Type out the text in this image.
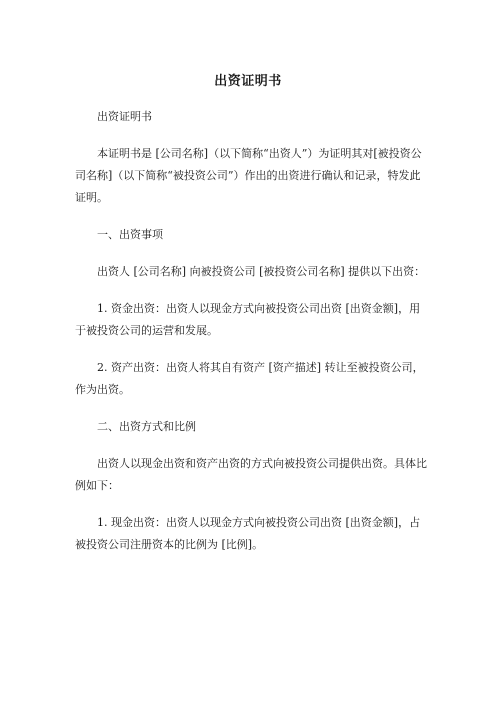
出资证明书

出资证明书

本证明书是 [公司名称]（以下简称“出资人”）为证明其对[被投资公司名称]（以下简称“被投资公司”）作出的出资进行确认和记录，特发此证明。

一、出资事项

出资人 [公司名称] 向被投资公司 [被投资公司名称] 提供以下出资：

1. 资金出资：出资人以现金方式向被投资公司出资 [出资金额]，用于被投资公司的运营和发展。

2. 资产出资：出资人将其自有资产 [资产描述] 转让至被投资公司，作为出资。

二、出资方式和比例

出资人以现金出资和资产出资的方式向被投资公司提供出资。具体比例如下：

1. 现金出资：出资人以现金方式向被投资公司出资 [出资金额]，占被投资公司注册资本的比例为 [比例]。
